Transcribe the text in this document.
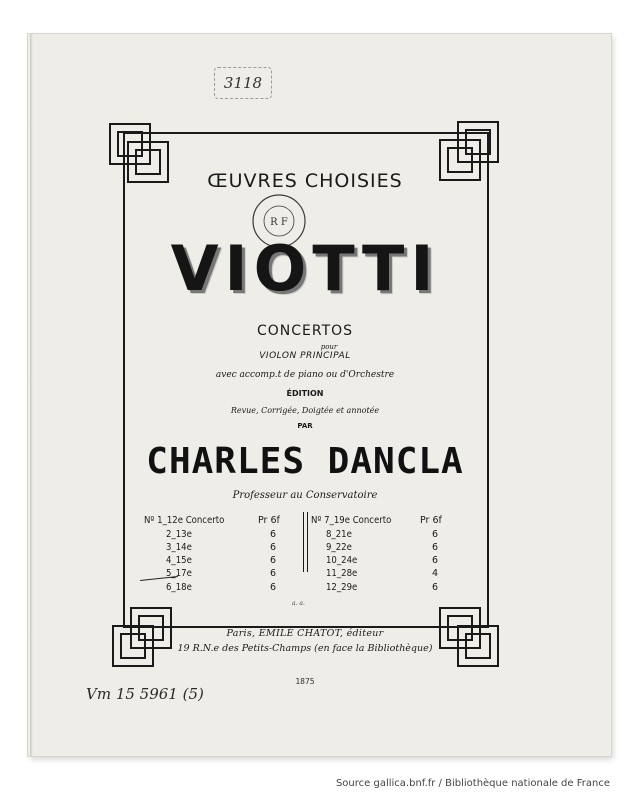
3118
ŒUVRES CHOISIES
R F
VIOTTI
CONCERTOS
pour
VIOLON PRINCIPAL
avec accomp.t de piano ou d'Orchestre
ÉDITION
Revue, Corrigée, Doigtée et annotée
PAR
CHARLES DANCLA
Professeur au Conservatoire
Nº 1_12e Concerto	Pr 6f
2_13e	6
3_14e	6
4_15e	6
5_17e	6
6_18e	6
Nº 7_19e Concerto	Pr 6f
8_21e	6
9_22e	6
10_24e	6
11_28e	4
12_29e	6
a. a.
Paris, EMILE CHATOT, éditeur
19 R.N.e des Petits-Champs (en face la Bibliothèque)
1875
Vm 15 5961 (5)
Source gallica.bnf.fr / Bibliothèque nationale de France
